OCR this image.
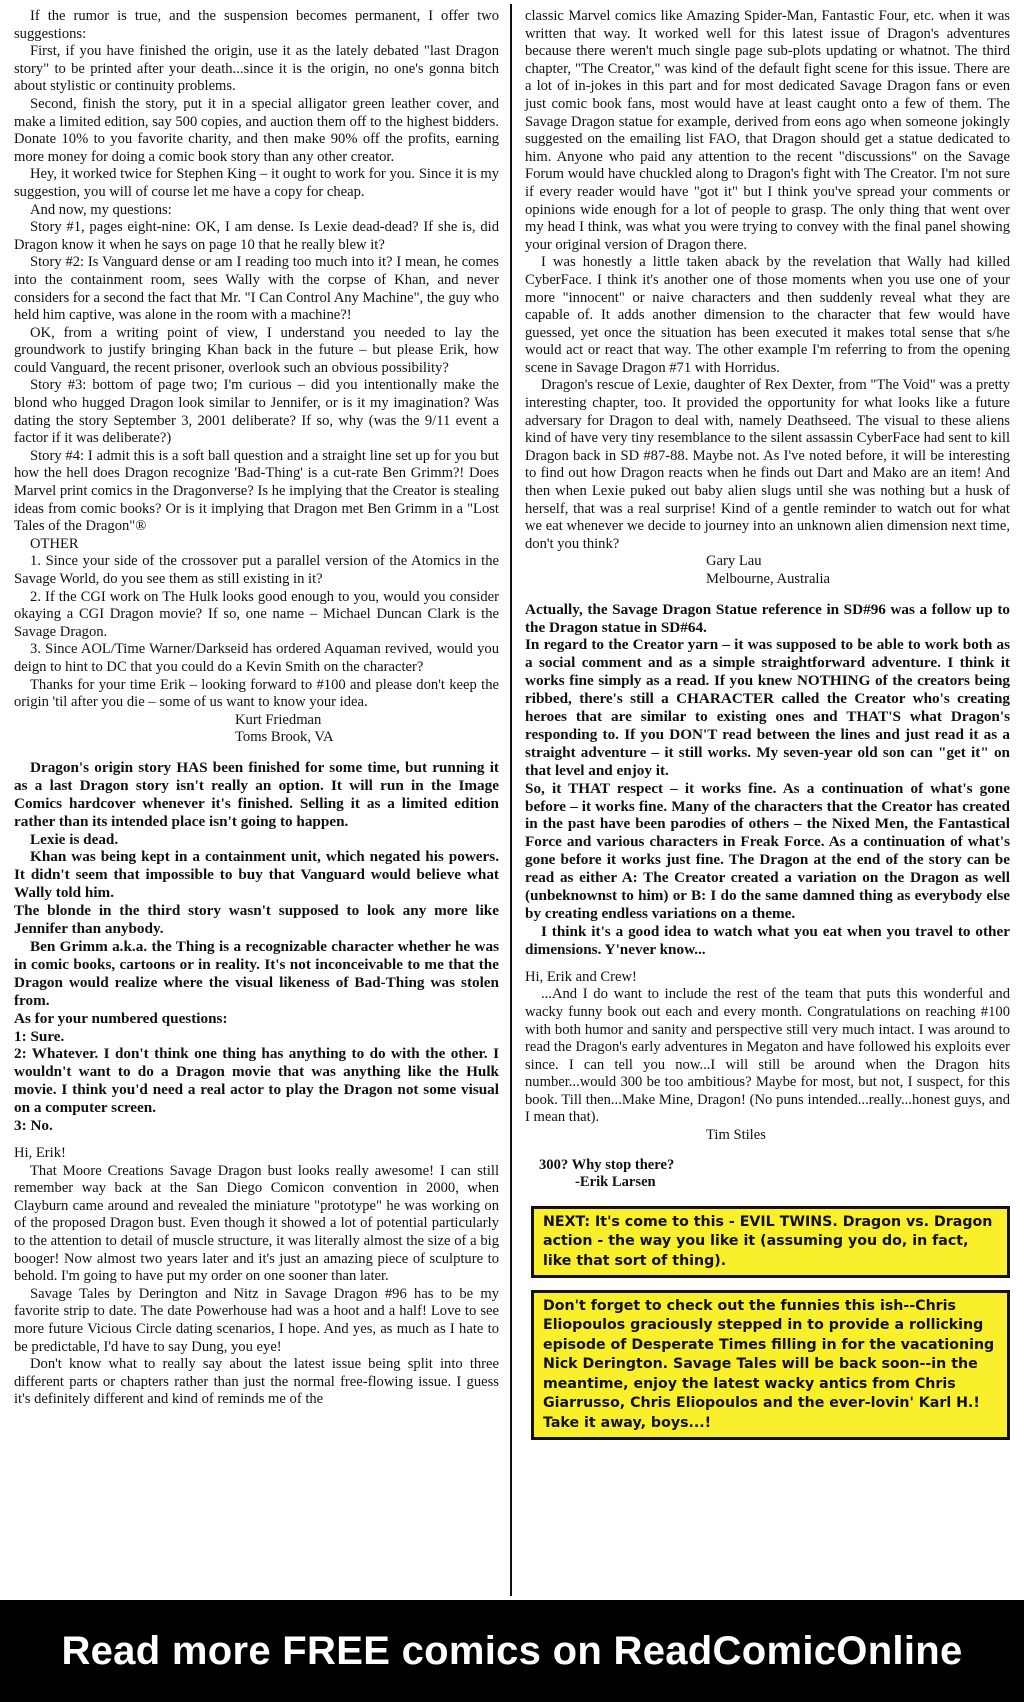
If the rumor is true, and the suspension becomes permanent, I offer two suggestions:

First, if you have finished the origin, use it as the lately debated "last Dragon story" to be printed after your death...since it is the origin, no one's gonna bitch about stylistic or continuity problems.

Second, finish the story, put it in a special alligator green leather cover, and make a limited edition, say 500 copies, and auction them off to the highest bidders. Donate 10% to you favorite charity, and then make 90% off the profits, earning more money for doing a comic book story than any other creator.

Hey, it worked twice for Stephen King – it ought to work for you. Since it is my suggestion, you will of course let me have a copy for cheap.

And now, my questions:

Story #1, pages eight-nine: OK, I am dense. Is Lexie dead-dead? If she is, did Dragon know it when he says on page 10 that he really blew it?

Story #2: Is Vanguard dense or am I reading too much into it? I mean, he comes into the containment room, sees Wally with the corpse of Khan, and never considers for a second the fact that Mr. "I Can Control Any Machine", the guy who held him captive, was alone in the room with a machine?!

OK, from a writing point of view, I understand you needed to lay the groundwork to justify bringing Khan back in the future – but please Erik, how could Vanguard, the recent prisoner, overlook such an obvious possibility?

Story #3: bottom of page two; I'm curious – did you intentionally make the blond who hugged Dragon look similar to Jennifer, or is it my imagination? Was dating the story September 3, 2001 deliberate? If so, why (was the 9/11 event a factor if it was deliberate?)

Story #4: I admit this is a soft ball question and a straight line set up for you but how the hell does Dragon recognize 'Bad-Thing' is a cut-rate Ben Grimm?! Does Marvel print comics in the Dragonverse? Is he implying that the Creator is stealing ideas from comic books? Or is it implying that Dragon met Ben Grimm in a "Lost Tales of the Dragon"®

OTHER

1. Since your side of the crossover put a parallel version of the Atomics in the Savage World, do you see them as still existing in it?

2. If the CGI work on The Hulk looks good enough to you, would you consider okaying a CGI Dragon movie? If so, one name – Michael Duncan Clark is the Savage Dragon.

3. Since AOL/Time Warner/Darkseid has ordered Aquaman revived, would you deign to hint to DC that you could do a Kevin Smith on the character?

Thanks for your time Erik – looking forward to #100 and please don't keep the origin 'til after you die – some of us want to know your idea.

Kurt Friedman

Toms Brook, VA

Dragon's origin story HAS been finished for some time, but running it as a last Dragon story isn't really an option. It will run in the Image Comics hardcover whenever it's finished. Selling it as a limited edition rather than its intended place isn't going to happen.

Lexie is dead.

Khan was being kept in a containment unit, which negated his powers. It didn't seem that impossible to buy that Vanguard would believe what Wally told him.

The blonde in the third story wasn't supposed to look any more like Jennifer than anybody.

Ben Grimm a.k.a. the Thing is a recognizable character whether he was in comic books, cartoons or in reality. It's not inconceivable to me that the Dragon would realize where the visual likeness of Bad-Thing was stolen from.

As for your numbered questions:

1: Sure.

2: Whatever. I don't think one thing has anything to do with the other. I wouldn't want to do a Dragon movie that was anything like the Hulk movie. I think you'd need a real actor to play the Dragon not some visual on a computer screen.

3: No.

Hi, Erik!

That Moore Creations Savage Dragon bust looks really awesome! I can still remember way back at the San Diego Comicon convention in 2000, when Clayburn came around and revealed the miniature "prototype" he was working on of the proposed Dragon bust. Even though it showed a lot of potential particularly to the attention to detail of muscle structure, it was literally almost the size of a big booger! Now almost two years later and it's just an amazing piece of sculpture to behold. I'm going to have put my order on one sooner than later.

Savage Tales by Derington and Nitz in Savage Dragon #96 has to be my favorite strip to date. The date Powerhouse had was a hoot and a half! Love to see more future Vicious Circle dating scenarios, I hope. And yes, as much as I hate to be predictable, I'd have to say Dung, you eye!

Don't know what to really say about the latest issue being split into three different parts or chapters rather than just the normal free-flowing issue. I guess it's definitely different and kind of reminds me of the

classic Marvel comics like Amazing Spider-Man, Fantastic Four, etc. when it was written that way. It worked well for this latest issue of Dragon's adventures because there weren't much single page sub-plots updating or whatnot. The third chapter, "The Creator," was kind of the default fight scene for this issue. There are a lot of in-jokes in this part and for most dedicated Savage Dragon fans or even just comic book fans, most would have at least caught onto a few of them. The Savage Dragon statue for example, derived from eons ago when someone jokingly suggested on the emailing list FAO, that Dragon should get a statue dedicated to him. Anyone who paid any attention to the recent "discussions" on the Savage Forum would have chuckled along to Dragon's fight with The Creator. I'm not sure if every reader would have "got it" but I think you've spread your comments or opinions wide enough for a lot of people to grasp. The only thing that went over my head I think, was what you were trying to convey with the final panel showing your original version of Dragon there.

I was honestly a little taken aback by the revelation that Wally had killed CyberFace. I think it's another one of those moments when you use one of your more "innocent" or naive characters and then suddenly reveal what they are capable of. It adds another dimension to the character that few would have guessed, yet once the situation has been executed it makes total sense that s/he would act or react that way. The other example I'm referring to from the opening scene in Savage Dragon #71 with Horridus.

Dragon's rescue of Lexie, daughter of Rex Dexter, from "The Void" was a pretty interesting chapter, too. It provided the opportunity for what looks like a future adversary for Dragon to deal with, namely Deathseed. The visual to these aliens kind of have very tiny resemblance to the silent assassin CyberFace had sent to kill Dragon back in SD #87-88. Maybe not. As I've noted before, it will be interesting to find out how Dragon reacts when he finds out Dart and Mako are an item! And then when Lexie puked out baby alien slugs until she was nothing but a husk of herself, that was a real surprise! Kind of a gentle reminder to watch out for what we eat whenever we decide to journey into an unknown alien dimension next time, don't you think?

Gary Lau

Melbourne, Australia

Actually, the Savage Dragon Statue reference in SD#96 was a follow up to the Dragon statue in SD#64.

In regard to the Creator yarn – it was supposed to be able to work both as a social comment and as a simple straightforward adventure. I think it works fine simply as a read. If you knew NOTHING of the creators being ribbed, there's still a CHARACTER called the Creator who's creating heroes that are similar to existing ones and THAT'S what Dragon's responding to. If you DON'T read between the lines and just read it as a straight adventure – it still works. My seven-year old son can "get it" on that level and enjoy it.

So, it THAT respect – it works fine. As a continuation of what's gone before – it works fine. Many of the characters that the Creator has created in the past have been parodies of others – the Nixed Men, the Fantastical Force and various characters in Freak Force. As a continuation of what's gone before it works just fine. The Dragon at the end of the story can be read as either A: The Creator created a variation on the Dragon as well (unbeknownst to him) or B: I do the same damned thing as everybody else by creating endless variations on a theme.

I think it's a good idea to watch what you eat when you travel to other dimensions. Y'never know...

Hi, Erik and Crew!

...And I do want to include the rest of the team that puts this wonderful and wacky funny book out each and every month. Congratulations on reaching #100 with both humor and sanity and perspective still very much intact. I was around to read the Dragon's early adventures in Megaton and have followed his exploits ever since. I can tell you now...I will still be around when the Dragon hits number...would 300 be too ambitious? Maybe for most, but not, I suspect, for this book. Till then...Make Mine, Dragon! (No puns intended...really...honest guys, and I mean that).

Tim Stiles

300? Why stop there?
-Erik Larsen
NEXT: It's come to this - EVIL TWINS. Dragon vs. Dragon action - the way you like it (assuming you do, in fact, like that sort of thing).
Don't forget to check out the funnies this ish--Chris Eliopoulos graciously stepped in to provide a rollicking episode of Desperate Times filling in for the vacationing Nick Derington. Savage Tales will be back soon--in the meantime, enjoy the latest wacky antics from Chris Giarrusso, Chris Eliopoulos and the ever-lovin' Karl H.! Take it away, boys...!
Read more FREE comics on ReadComicOnline
